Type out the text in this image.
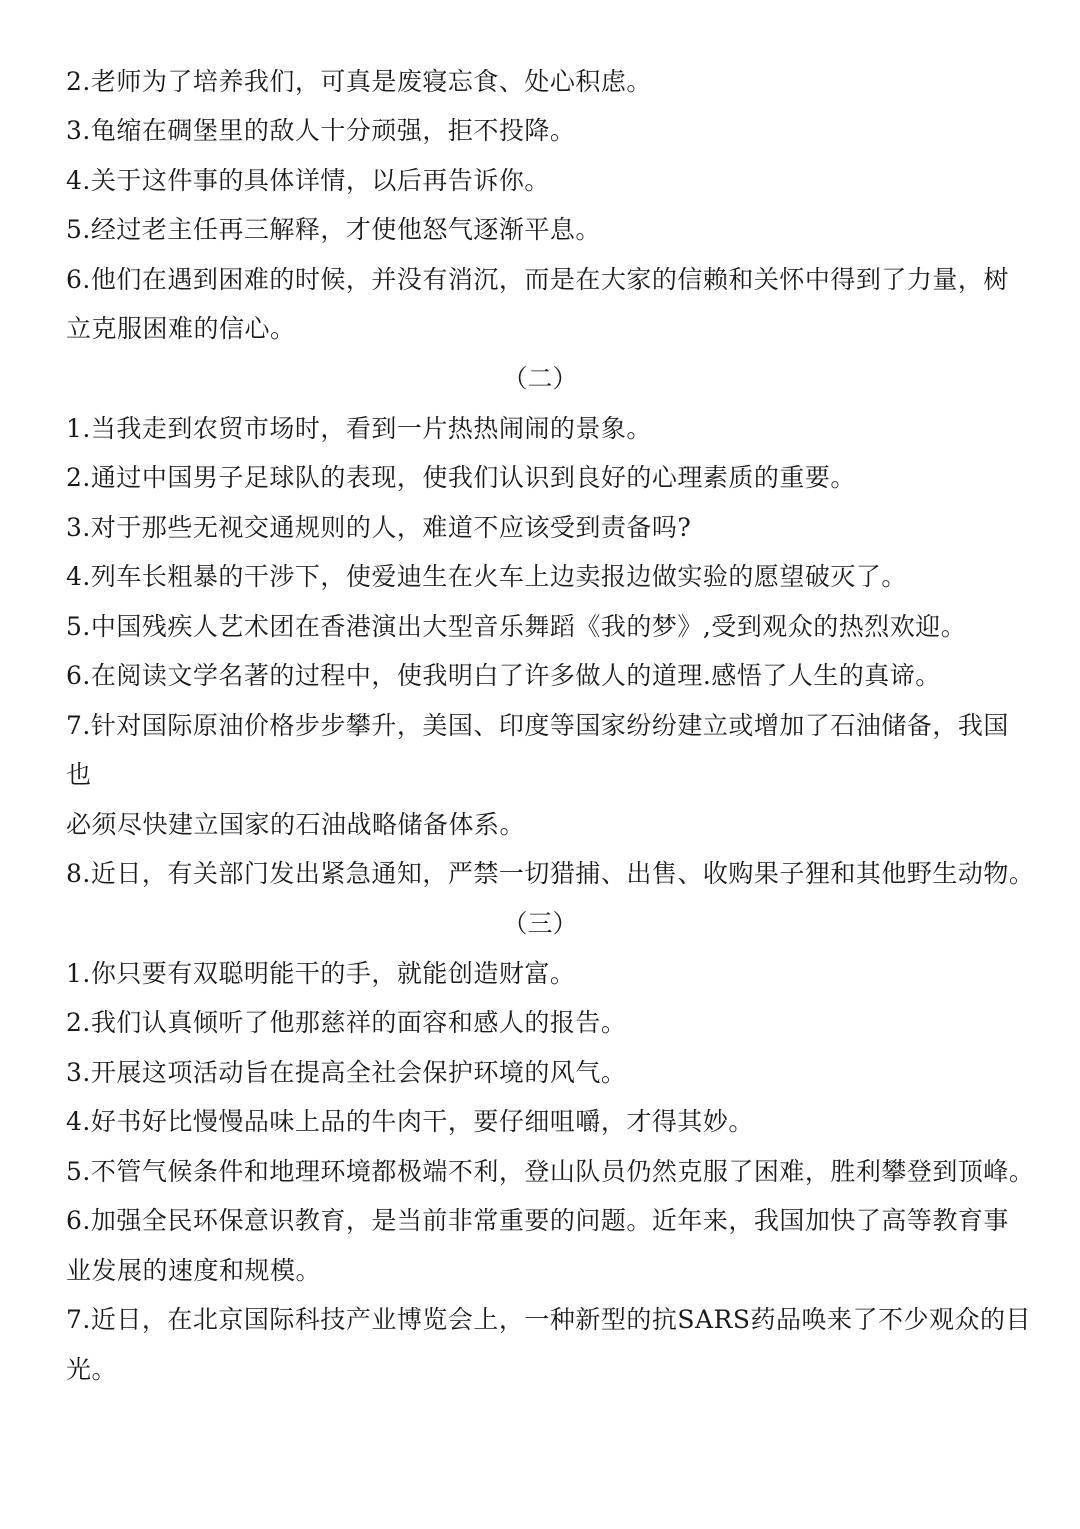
2.老师为了培养我们，可真是废寝忘食、处心积虑。
3.龟缩在碉堡里的敌人十分顽强，拒不投降。
4.关于这件事的具体详情，以后再告诉你。
5.经过老主任再三解释，才使他怒气逐渐平息。
6.他们在遇到困难的时候，并没有消沉，而是在大家的信赖和关怀中得到了力量，树
立克服困难的信心。
（二）
1.当我走到农贸市场时，看到一片热热闹闹的景象。
2.通过中国男子足球队的表现，使我们认识到良好的心理素质的重要。
3.对于那些无视交通规则的人，难道不应该受到责备吗?
4.列车长粗暴的干涉下，使爱迪生在火车上边卖报边做实验的愿望破灭了。
5.中国残疾人艺术团在香港演出大型音乐舞蹈《我的梦》,受到观众的热烈欢迎。
6.在阅读文学名著的过程中，使我明白了许多做人的道理.感悟了人生的真谛。
7.针对国际原油价格步步攀升，美国、印度等国家纷纷建立或增加了石油储备，我国
也
必须尽快建立国家的石油战略储备体系。
8.近日，有关部门发出紧急通知，严禁一切猎捕、出售、收购果子狸和其他野生动物。
（三）
1.你只要有双聪明能干的手，就能创造财富。
2.我们认真倾听了他那慈祥的面容和感人的报告。
3.开展这项活动旨在提高全社会保护环境的风气。
4.好书好比慢慢品味上品的牛肉干，要仔细咀嚼，才得其妙。
5.不管气候条件和地理环境都极端不利，登山队员仍然克服了困难，胜利攀登到顶峰。
6.加强全民环保意识教育，是当前非常重要的问题。近年来，我国加快了高等教育事
业发展的速度和规模。
7.近日，在北京国际科技产业博览会上，一种新型的抗SARS药品唤来了不少观众的目
光。
